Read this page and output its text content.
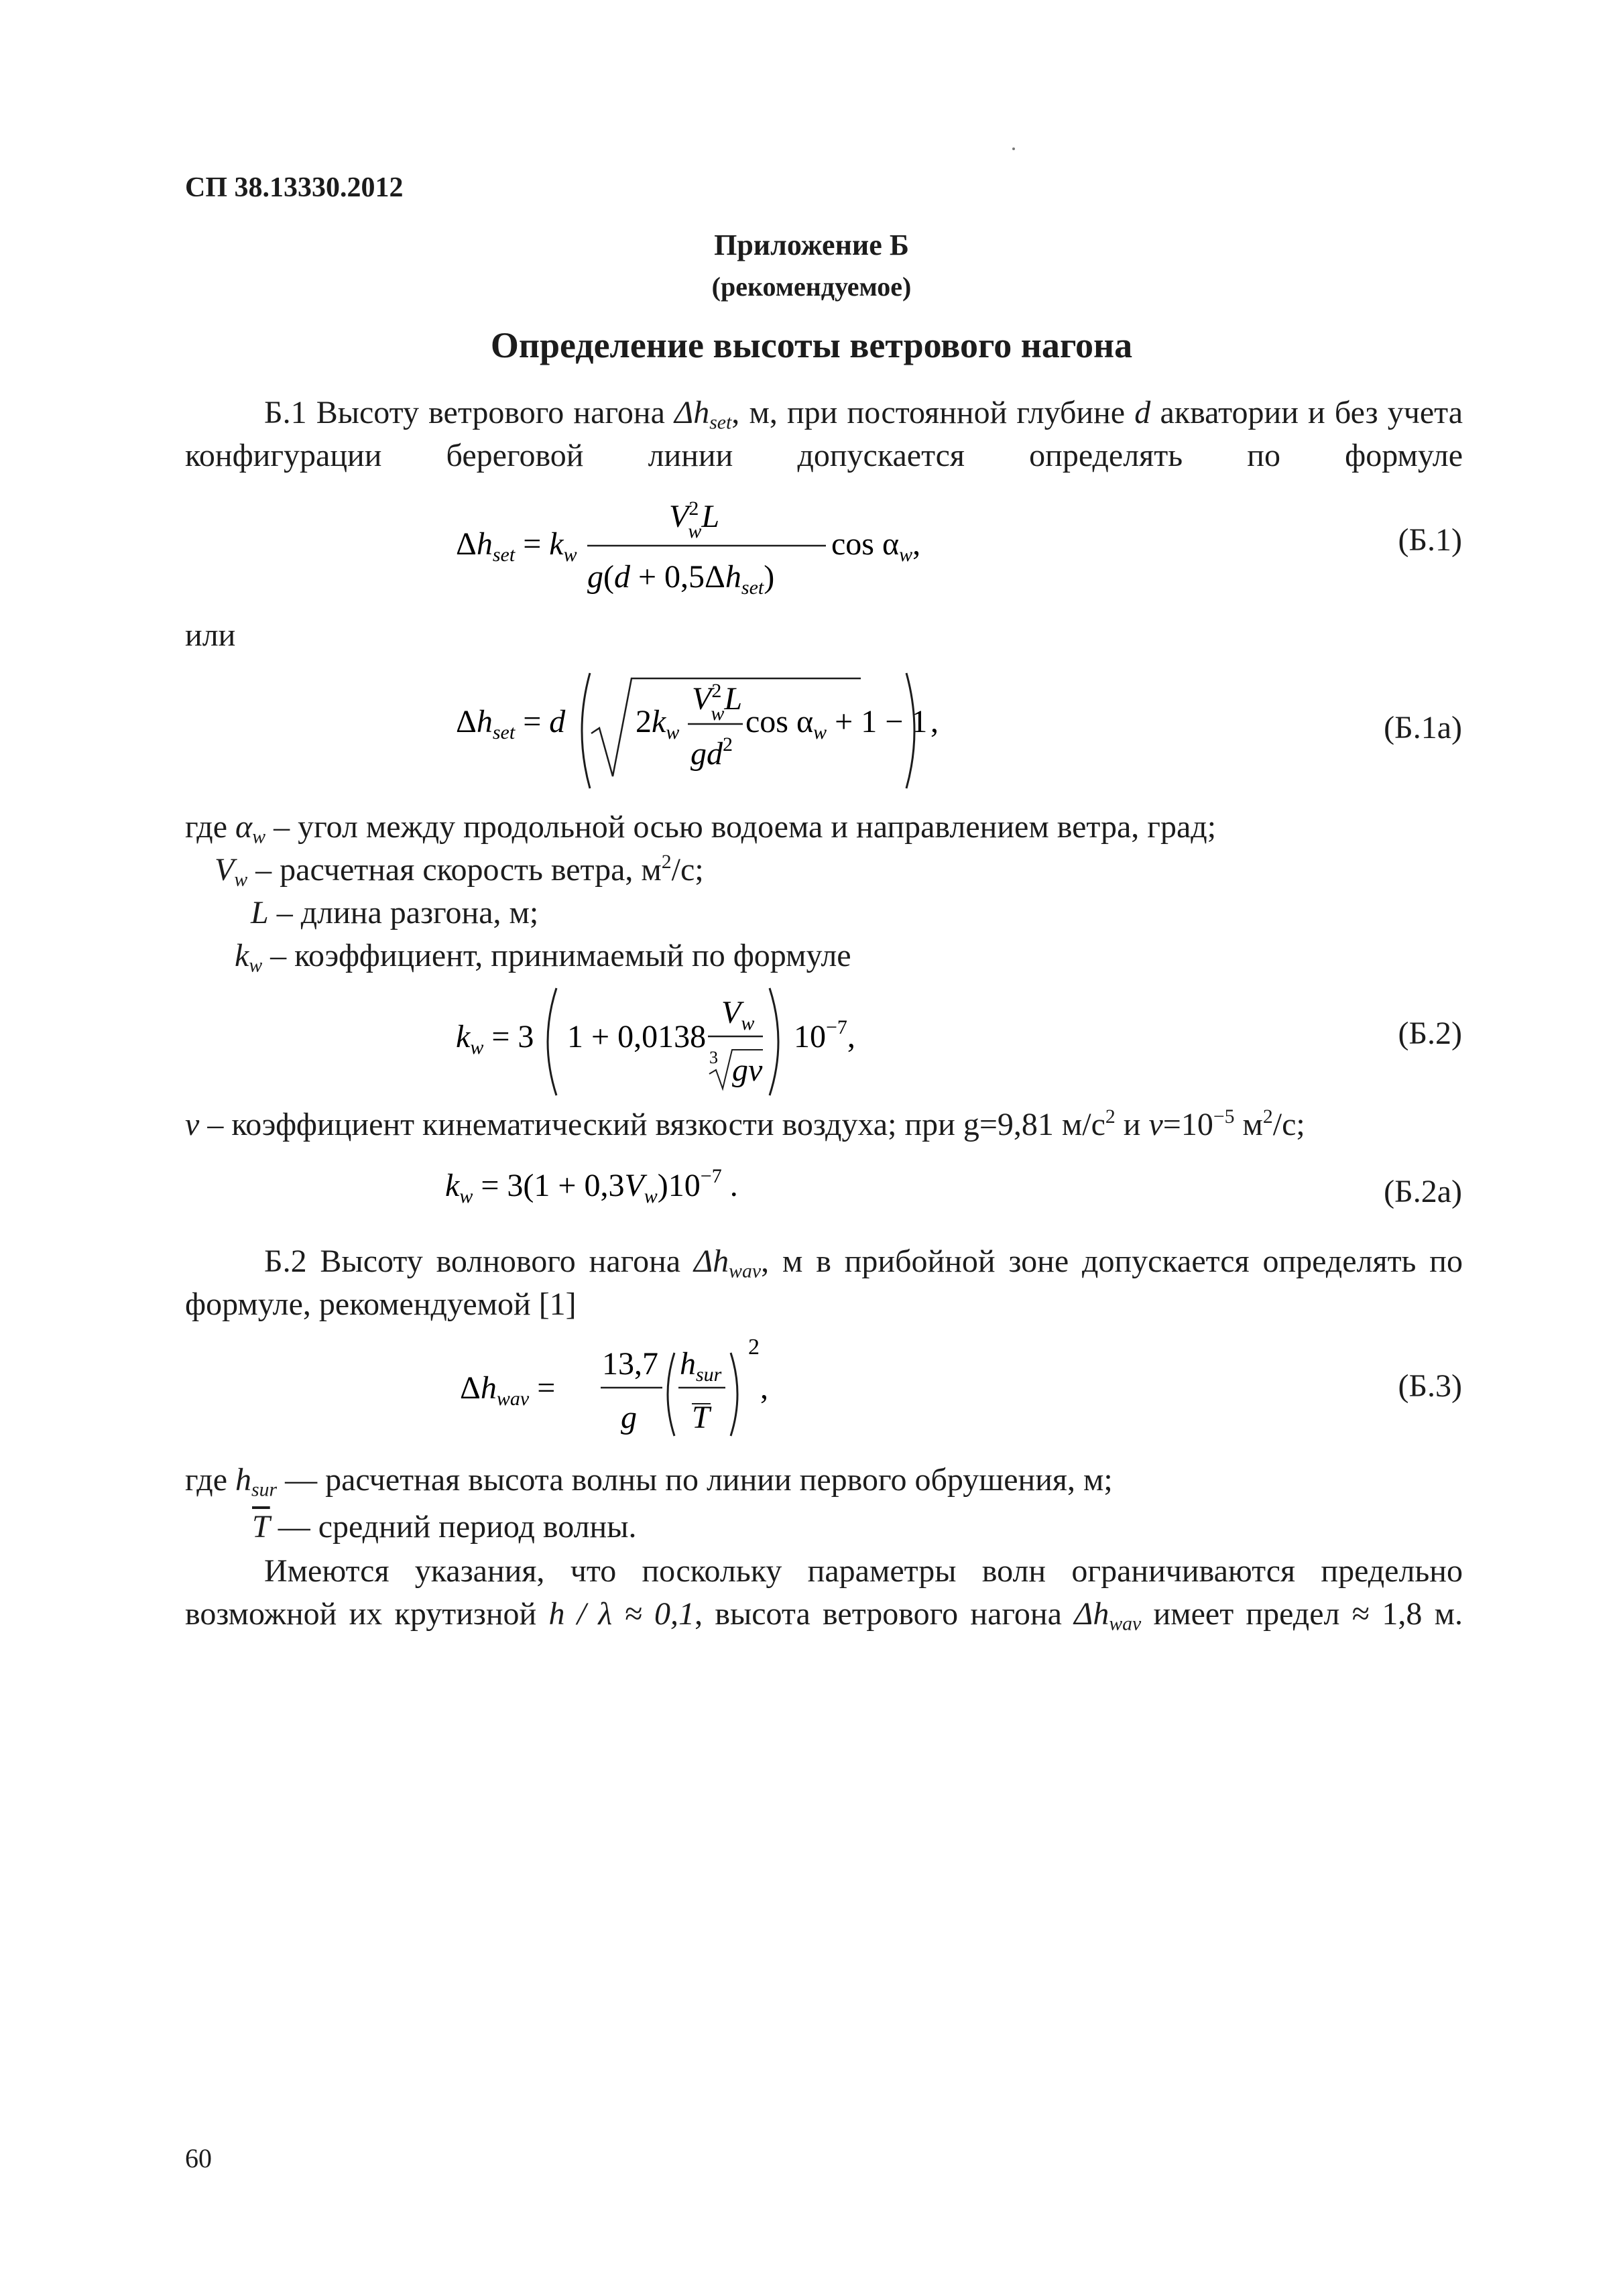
СП 38.13330.2012
Приложение Б
(рекомендуемое)
Определение высоты ветрового нагона
Б.1 Высоту ветрового нагона $\Delta h_{set}$, м, при постоянной глубине d акватории и без учета конфигурации береговой линии допускается определять по формуле
$\Delta h_{set} = k_w$
$V^2$ wL
$g(d + 0,5\Delta h_{set})$
$\cos \alpha_w$,	(Б.1)
или
$\Delta h_{set} = d$ $2k_w$
$V^2$ wL
$gd^2$
$\cos \alpha_w + 1 - 1$ ,	(Б.1а)
где $\alpha_w$ – угол между продольной осью водоема и направлением ветра, град;
$V_w$ – расчетная скорость ветра, $м^2/с$;
L – длина разгона, м;
$k_w$ – коэффициент, принимаемый по формуле
$k_w = 3$ 1 + 0,0138
$V_w$
3 gv
$10^{-7}$,	(Б.2)
ν – коэффициент кинематический вязкости воздуха; при g=9,81 $м/с^2$ и $\nu=10^{-5}$ $м^2/с$;
$k_w = 3(1 + 0,3V_w)10^{-7}$ .	(Б.2а)
Б.2 Высоту волнового нагона $\Delta h_{wav}$, м в прибойной зоне допускается определять по формуле, рекомендуемой [1]
$\Delta h_{wav}$ =
13,7
g
$h_{sur}$
T
2
,	(Б.3)
где $h_{sur}$ — расчетная высота волны по линии первого обрушения, м;
$\overline{T}$ — средний период волны.
Имеются указания, что поскольку параметры волн ограничиваются предельно возможной их крутизной h / λ ≈ 0,1, высота ветрового нагона $\Delta h_{wav}$ имеет предел ≈ 1,8 м.
60
